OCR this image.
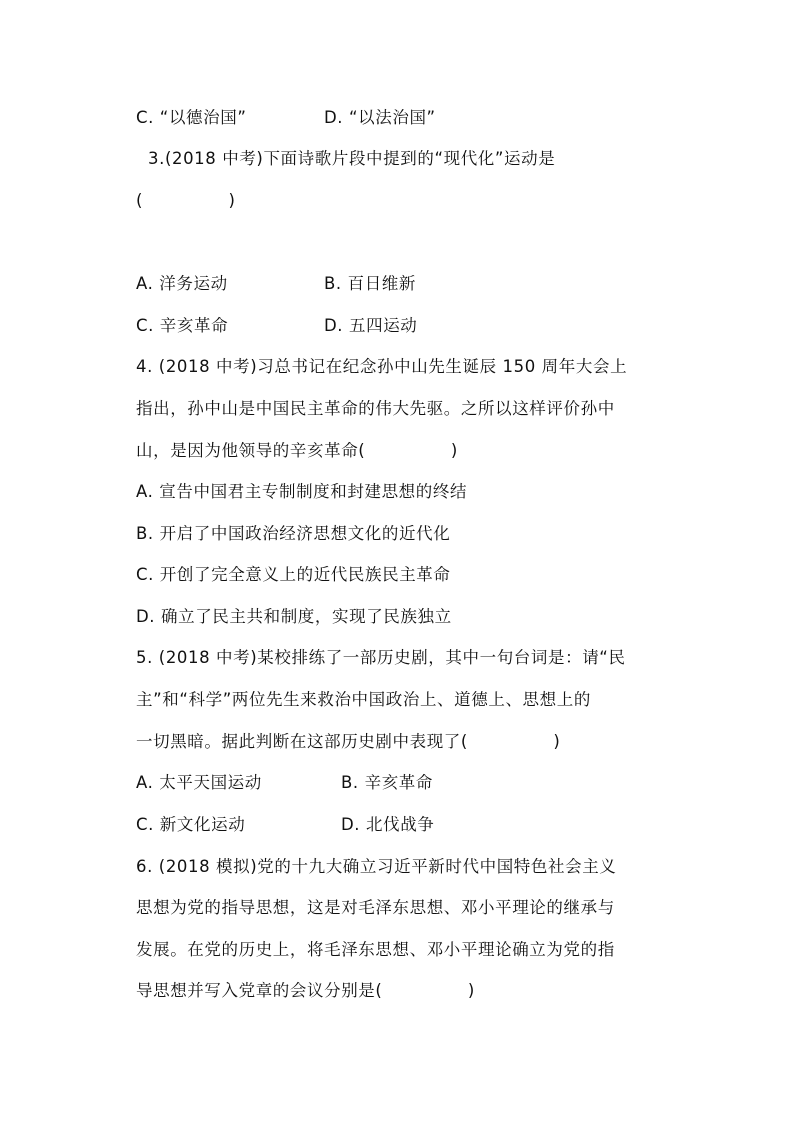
C. “以德治国”	D. “以法治国”
3.(2018 中考)下面诗歌片段中提到的“现代化”运动是
(　　　　　)
A. 洋务运动	B. 百日维新
C. 辛亥革命	D. 五四运动
4. (2018 中考)习总书记在纪念孙中山先生诞辰 150 周年大会上
指出，孙中山是中国民主革命的伟大先驱。之所以这样评价孙中
山，是因为他领导的辛亥革命(　　　　　)
A. 宣告中国君主专制制度和封建思想的终结
B. 开启了中国政治经济思想文化的近代化
C. 开创了完全意义上的近代民族民主革命
D. 确立了民主共和制度，实现了民族独立
5. (2018 中考)某校排练了一部历史剧，其中一句台词是：请“民
主”和“科学”两位先生来救治中国政治上、道德上、思想上的
一切黑暗。据此判断在这部历史剧中表现了(　　　　　)
A. 太平天国运动	B. 辛亥革命
C. 新文化运动	D. 北伐战争
6. (2018 模拟)党的十九大确立习近平新时代中国特色社会主义
思想为党的指导思想，这是对毛泽东思想、邓小平理论的继承与
发展。在党的历史上，将毛泽东思想、邓小平理论确立为党的指
导思想并写入党章的会议分别是(　　　　　)
